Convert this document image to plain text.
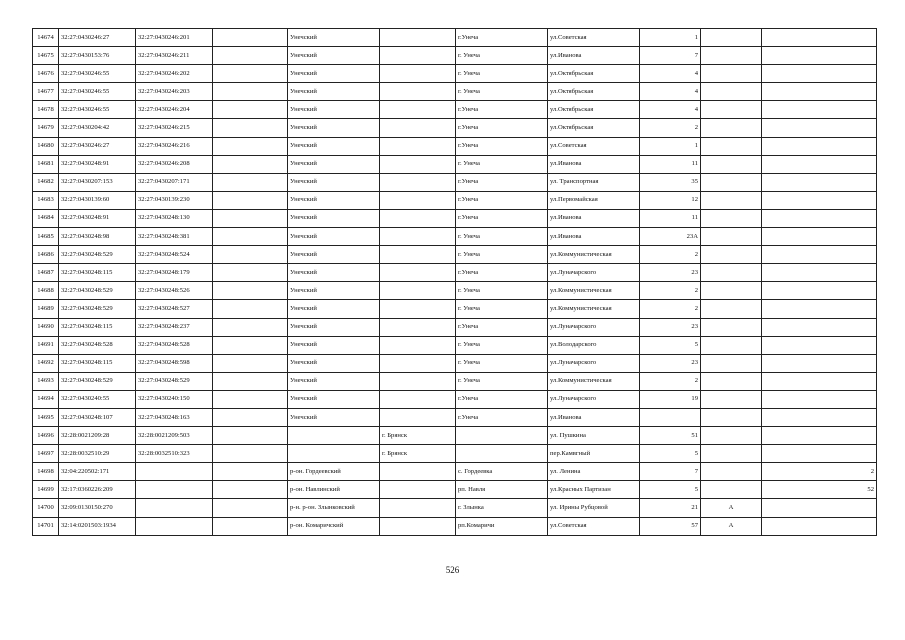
14674	32:27:0430246:27	32:27:0430246:201		Унечский		г.Унеча	ул.Советская	1		
14675	32:27:0430153:76	32:27:0430246:211		Унечский		г. Унеча	ул.Иванова	7		
14676	32:27:0430246:55	32:27:0430246:202		Унечский		г. Унеча	ул.Октябрьская	4		
14677	32:27:0430246:55	32:27:0430246:203		Унечский		г. Унеча	ул.Октябрьская	4		
14678	32:27:0430246:55	32:27:0430246:204		Унечский		г.Унеча	ул.Октябрьская	4		
14679	32:27:0430204:42	32:27:0430246:215		Унечский		г.Унеча	ул.Октябрьская	2		
14680	32:27:0430246:27	32:27:0430246:216		Унечский		г.Унеча	ул.Советская	1		
14681	32:27:0430248:91	32:27:0430246:208		Унечский		г. Унеча	ул.Иванова	11		
14682	32:27:0430207:153	32:27:0430207:171		Унечский		г.Унеча	ул. Транспортная	35		
14683	32:27:0430139:60	32:27:0430139:230		Унечский		г.Унеча	ул.Первомайская	12		
14684	32:27:0430248:91	32:27:0430248:130		Унечский		г.Унеча	ул.Иванова	11		
14685	32:27:0430248:98	32:27:0430248:381		Унечский		г. Унеча	ул.Иванова	23А		
14686	32:27:0430248:529	32:27:0430248:524		Унечский		г. Унеча	ул.Коммунистическая	2		
14687	32:27:0430248:115	32:27:0430248:179		Унечский		г.Унеча	ул.Луначарского	23		
14688	32:27:0430248:529	32:27:0430248:526		Унечский		г. Унеча	ул.Коммунистическая	2		
14689	32:27:0430248:529	32:27:0430248:527		Унечский		г. Унеча	ул.Коммунистическая	2		
14690	32:27:0430248:115	32:27:0430248:237		Унечский		г.Унеча	ул.Луначарского	23		
14691	32:27:0430248:528	32:27:0430248:528		Унечский		г. Унеча	ул.Володарского	5		
14692	32:27:0430248:115	32:27:0430248:598		Унечский		г. Унеча	ул.Луначарского	23		
14693	32:27:0430248:529	32:27:0430248:529		Унечский		г. Унеча	ул.Коммунистическая	2		
14694	32:27:0430240:55	32:27:0430240:150		Унечский		г.Унеча	ул.Луначарского	19		
14695	32:27:0430248:107	32:27:0430248:163		Унечский		г.Унеча	ул.Иванова			
14696	32:28:0021209:28	32:28:0021209:503			г. Брянск		ул. Пушкина	51		
14697	32:28:0032510:29	32:28:0032510:323			г. Брянск		пер.Камвгный	5		
14698	32:04:220502:171			р-он. Гордеевский		с. Гордеевка	ул. Ленина	7		2
14699	32:17:0360226:209			р-он. Навлинский		рп. Навля	ул.Красных Партизан	5		52
14700	32:09:0130150:270			р-н. р-он. Злынковский		г. Злынка	ул. Ирины Рубцовой	21	А	
14701	32:14:0201503:1934			р-он. Комаричский		рп.Комаричи	ул.Советская	57	А	
526
